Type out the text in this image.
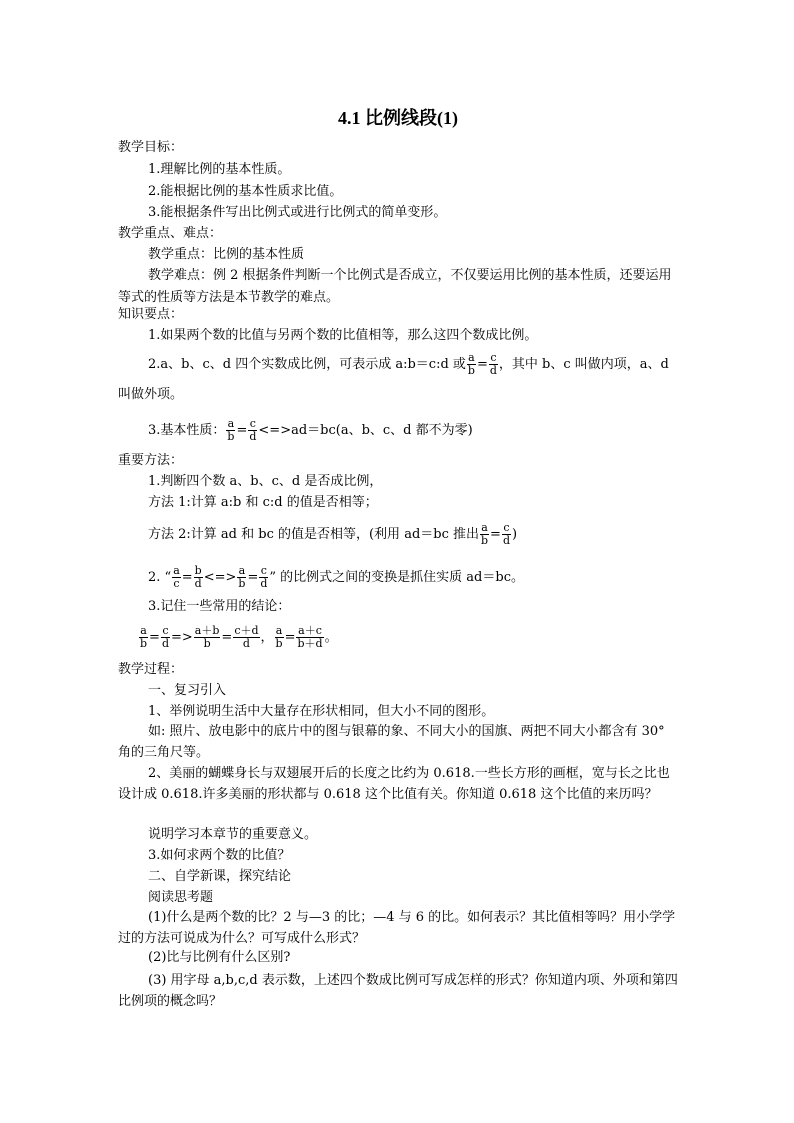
4.1 比例线段(1)
教学目标：
1.理解比例的基本性质。
2.能根据比例的基本性质求比值。
3.能根据条件写出比例式或进行比例式的简单变形。
教学重点、难点：
教学重点：比例的基本性质
教学难点：例 2 根据条件判断一个比例式是否成立，不仅要运用比例的基本性质，还要运用等式的性质等方法是本节教学的难点。
知识要点：
1.如果两个数的比值与另两个数的比值相等，那么这四个数成比例。
2.a、b、c、d 四个实数成比例，可表示成 a:b＝c:d 或 $\frac{a}{b} = \frac{c}{d}$ ，其中 b、c 叫做内项，a、d
叫做外项。
3.基本性质： $\frac{a}{b} = \frac{c}{d} <=>ad=bc(a$、b、c、d 都不为零)
重要方法：
1.判断四个数 a、b、c、d 是否成比例，
方法 1:计算 a:b 和 c:d 的值是否相等；
方法 2:计算 ad 和 bc 的值是否相等，(利用 ad＝bc 推出 $\frac{a}{b} = \frac{c}{d}$ )
2. “ $\frac{a}{c} = \frac{b}{d}$ <=> $\frac{a}{b} = \frac{c}{d}$ ” 的比例式之间的变换是抓住实质 ad＝bc。
3.记住一些常用的结论：
$\frac{a}{b} = \frac{c}{d} => \frac{a+b}{b} = \frac{c+d}{d}$ ， $\frac{a}{b} = \frac{a+c}{b+d}$ 。
教学过程：
一、复习引入
1、举例说明生活中大量存在形状相同，但大小不同的图形。
如: 照片、放电影中的底片中的图与银幕的象、不同大小的国旗、两把不同大小都含有 30° 角的三角尺等。
2、美丽的蝴蝶身长与双翅展开后的长度之比约为 0.618.一些长方形的画框，宽与长之比也设计成 0.618.许多美丽的形状都与 0.618 这个比值有关。你知道 0.618 这个比值的来历吗？
说明学习本章节的重要意义。
3.如何求两个数的比值？
二、自学新课，探究结论
阅读思考题
(1)什么是两个数的比？2 与—3 的比；—4 与 6 的比。如何表示？其比值相等吗？用小学学过的方法可说成为什么？可写成什么形式？
(2)比与比例有什么区别?
(3) 用字母 a,b,c,d 表示数，上述四个数成比例可写成怎样的形式？你知道内项、外项和第四比例项的概念吗？
